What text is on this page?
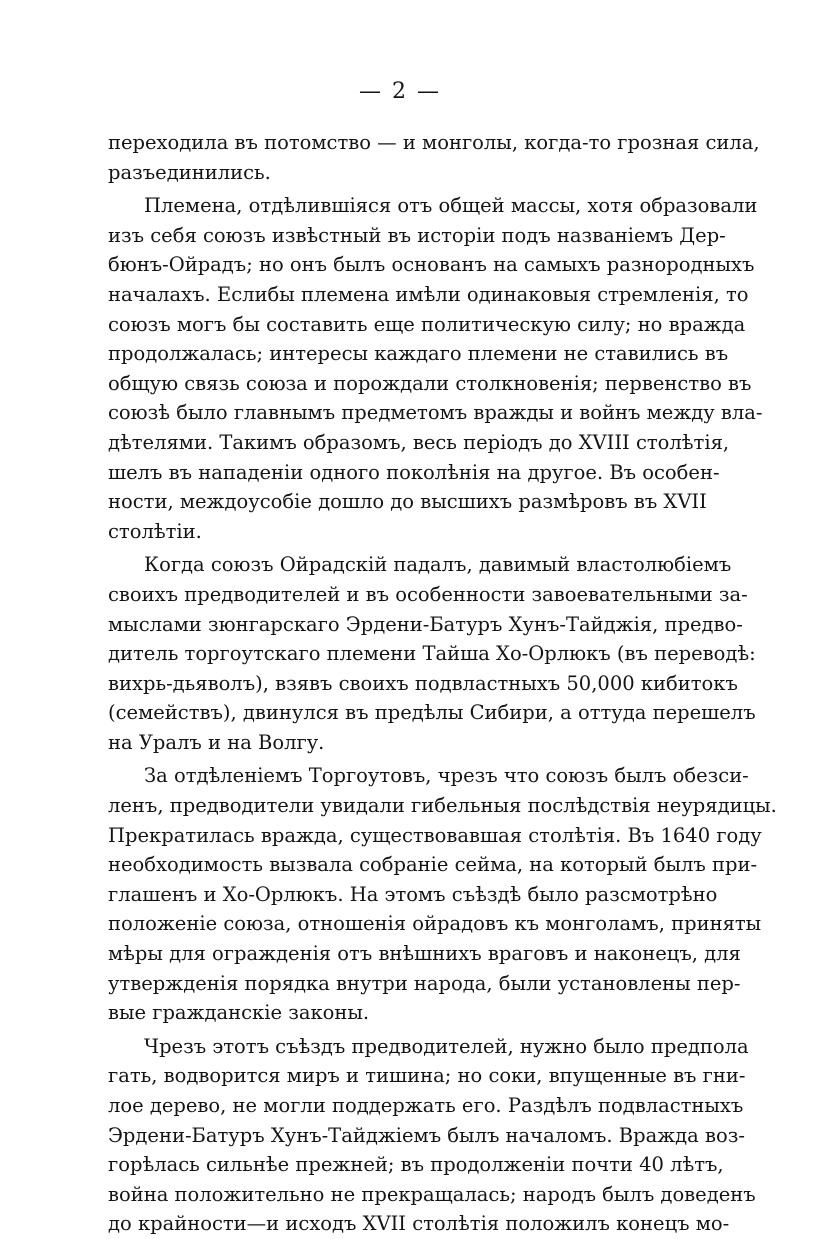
— 2 —
переходила въ потомство — и монголы, когда-то грозная сила,
разъединились.
Племена, отдѣлившіяся отъ общей массы, хотя образовали
изъ себя союзъ извѣстный въ исторіи подъ названіемъ Дер-
бюнъ-Ойрадъ; но онъ былъ основанъ на самыхъ разнородныхъ
началахъ. Еслибы племена имѣли одинаковыя стремленія, то
союзъ могъ бы составить еще политическую силу; но вражда
продолжалась; интересы каждаго племени не ставились въ
общую связь союза и порождали столкновенія; первенство въ
союзѣ было главнымъ предметомъ вражды и войнъ между вла-
дѣтелями. Такимъ образомъ, весь періодъ до XVIII столѣтія,
шелъ въ нападеніи одного поколѣнія на другое. Въ особен-
ности, междоусобіе дошло до высшихъ размѣровъ въ XVII
столѣтіи.
Когда союзъ Ойрадскій падалъ, давимый властолюбіемъ
своихъ предводителей и въ особенности завоевательными за-
мыслами зюнгарскаго Эрдени-Батуръ Хунъ-Тайджія, предво-
дитель торгоутскаго племени Тайша Хо-Орлюкъ (въ переводѣ:
вихрь-дьяволъ), взявъ своихъ подвластныхъ 50,000 кибитокъ
(семействъ), двинулся въ предѣлы Сибири, а оттуда перешелъ
на Уралъ и на Волгу.
За отдѣленіемъ Торгоутовъ, чрезъ что союзъ былъ обезси-
ленъ, предводители увидали гибельныя послѣдствія неурядицы.
Прекратилась вражда, существовавшая столѣтія. Въ 1640 году
необходимость вызвала собраніе сейма, на который былъ при-
глашенъ и Хо-Орлюкъ. На этомъ съѣздѣ было разсмотрѣно
положеніе союза, отношенія ойрадовъ къ монголамъ, приняты
мѣры для огражденія отъ внѣшнихъ враговъ и наконецъ, для
утвержденія порядка внутри народа, были установлены пер-
вые гражданскіе законы.
Чрезъ этотъ съѣздъ предводителей, нужно было предпола
гать, водворится миръ и тишина; но соки, впущенные въ гни-
лое дерево, не могли поддержать его. Раздѣлъ подвластныхъ
Эрдени-Батуръ Хунъ-Тайджіемъ былъ началомъ. Вражда воз-
горѣлась сильнѣе прежней; въ продолженіи почти 40 лѣтъ,
война положительно не прекращалась; народъ былъ доведенъ
до крайности—и исходъ XVII столѣтія положилъ конецъ мо-
